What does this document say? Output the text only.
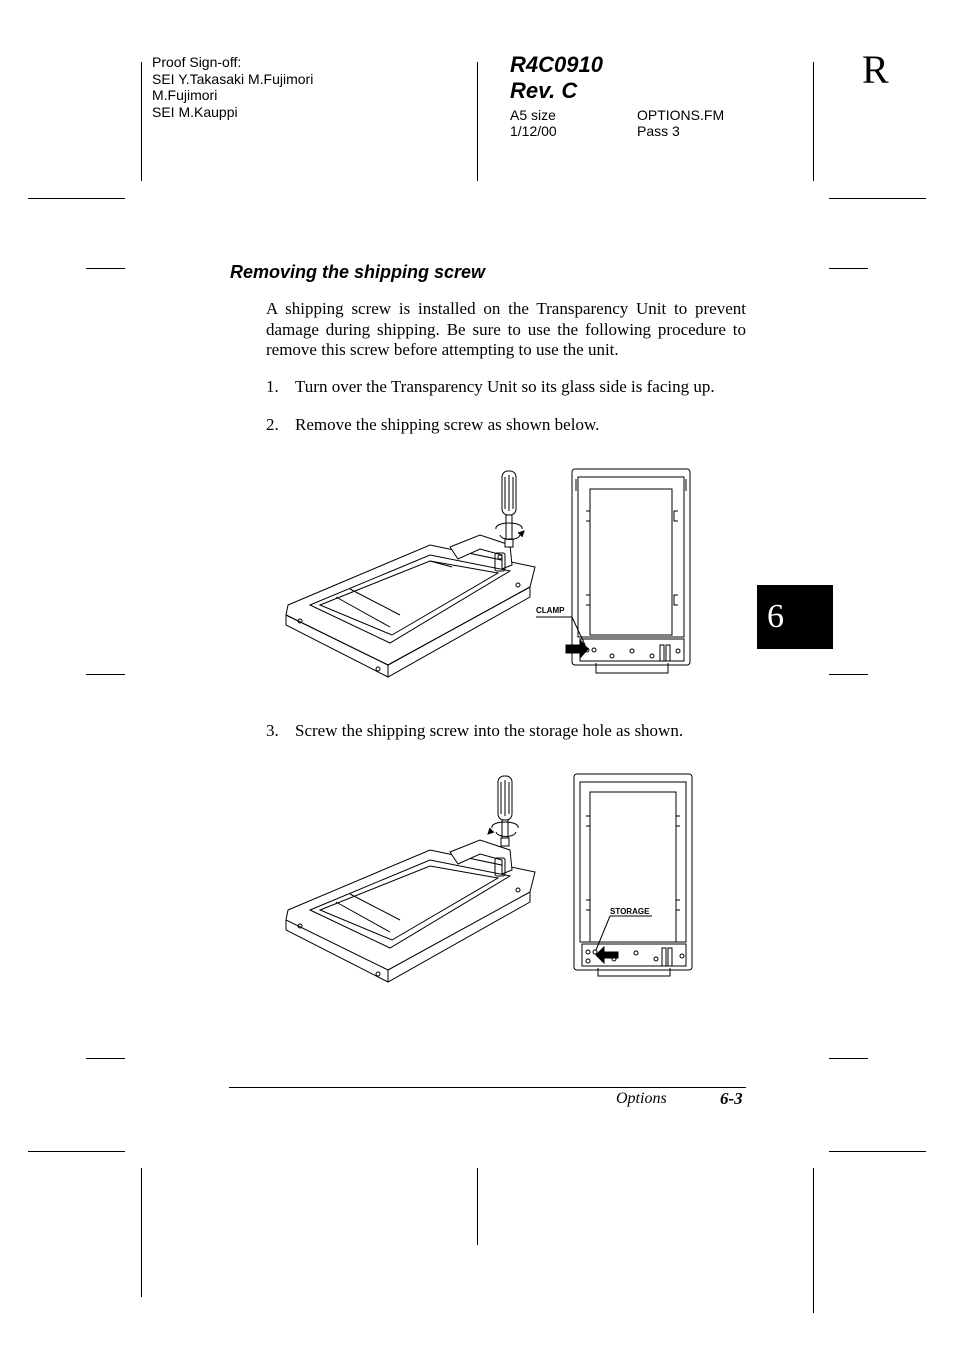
Proof Sign-off:
SEI Y.Takasaki M.Fujimori
M.Fujimori
SEI M.Kauppi
R4C0910
Rev. C
A5 size
1/12/00
OPTIONS.FM
Pass 3
R
Removing the shipping screw
A shipping screw is installed on the Transparency Unit to prevent damage during shipping. Be sure to use the following procedure to remove this screw before attempting to use the unit.
1. Turn over the Transparency Unit so its glass side is facing up.
2. Remove the shipping screw as shown below.
3. Screw the shipping screw into the storage hole as shown.
6
CLAMP
STORAGE
Options	6-3
